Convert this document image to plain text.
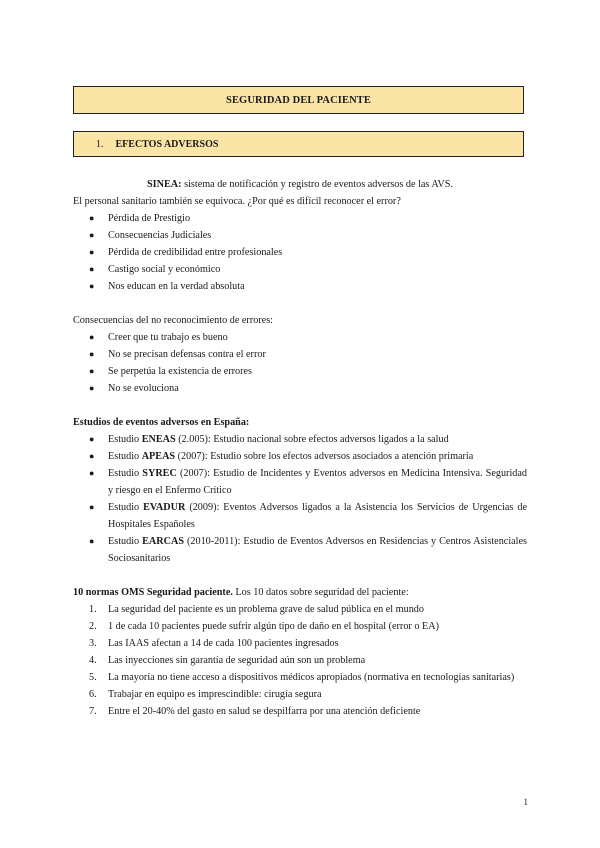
SEGURIDAD DEL PACIENTE
1. EFECTOS ADVERSOS

SINEA: sistema de notificación y registro de eventos adversos de las AVS.

El personal sanitario también se equivoca. ¿Por qué es difícil reconocer el error?

● Pérdida de Prestigio
● Consecuencias Judiciales
● Pérdida de credibilidad entre profesionales
● Castigo social y económico
● Nos educan en la verdad absoluta

Consecuencias del no reconocimiento de errores:

● Creer que tu trabajo es bueno
● No se precisan defensas contra el error
● Se perpetúa la existencia de errores
● No se evoluciona

Estudios de eventos adversos en España:

● Estudio ENEAS (2.005): Estudio nacional sobre efectos adversos ligados a la salud
● Estudio APEAS (2007): Estudio sobre los efectos adversos asociados a atención primaria
● Estudio SYREC (2007): Estudio de Incidentes y Eventos adversos en Medicina Intensiva. Seguridad y riesgo en el Enfermo Crítico
● Estudio EVADUR (2009): Eventos Adversos ligados a la Asistencia los Servicios de Urgencias de Hospitales Españoles
● Estudio EARCAS (2010-2011): Estudio de Eventos Adversos en Residencias y Centros Asistenciales Sociosanitarios

10 normas OMS Seguridad paciente. Los 10 datos sobre seguridad del paciente:

1. La seguridad del paciente es un problema grave de salud pública en el mundo
2. 1 de cada 10 pacientes puede sufrir algún tipo de daño en el hospital (error o EA)
3. Las IAAS afectan a 14 de cada 100 pacientes ingresados
4. Las inyecciones sin garantía de seguridad aún son un problema
5. La mayoría no tiene acceso a dispositivos médicos apropiados (normativa en tecnologías sanitarias)
6. Trabajar en equipo es imprescindible: cirugía segura
7. Entre el 20-40% del gasto en salud se despilfarra por una atención deficiente
1
